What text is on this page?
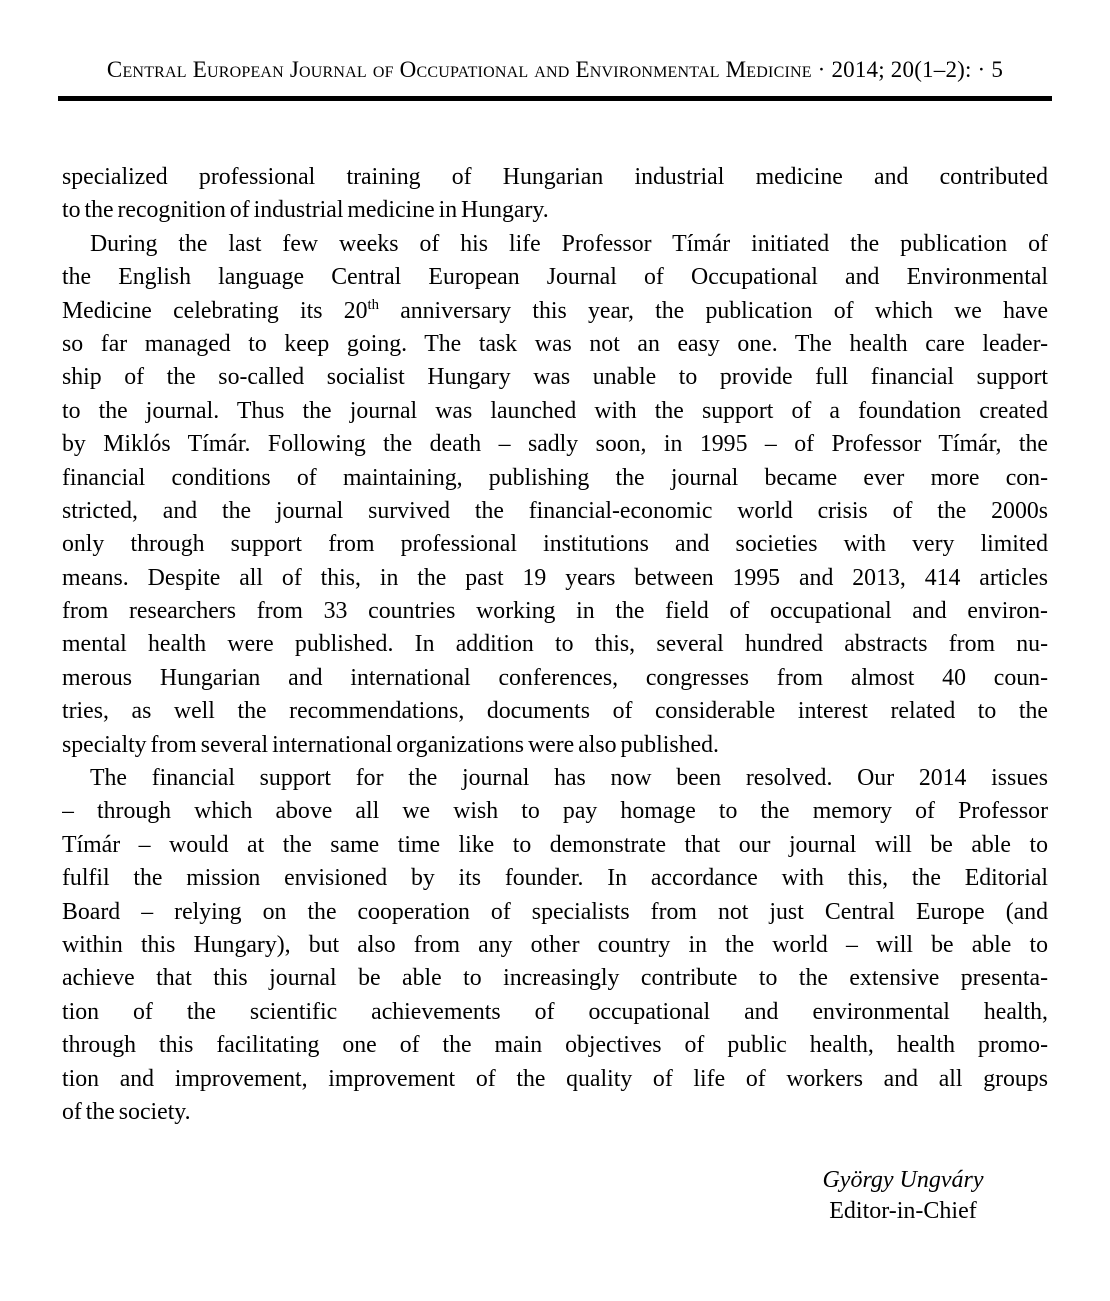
Central European Journal of Occupational and Environmental Medicine · 2014; 20(1–2): · 5
specialized professional training of Hungarian industrial medicine and contributed
to the recognition of industrial medicine in Hungary.
During the last few weeks of his life Professor Tímár initiated the publication of
the English language Central European Journal of Occupational and Environmental
Medicine celebrating its 20th anniversary this year, the publication of which we have
so far managed to keep going. The task was not an easy one. The health care leader-
ship of the so-called socialist Hungary was unable to provide full financial support
to the journal. Thus the journal was launched with the support of a foundation created
by Miklós Tímár. Following the death – sadly soon, in 1995 – of Professor Tímár, the
financial conditions of maintaining, publishing the journal became ever more con-
stricted, and the journal survived the financial-economic world crisis of the 2000s
only through support from professional institutions and societies with very limited
means. Despite all of this, in the past 19 years between 1995 and 2013, 414 articles
from researchers from 33 countries working in the field of occupational and environ-
mental health were published. In addition to this, several hundred abstracts from nu-
merous Hungarian and international conferences, congresses from almost 40 coun-
tries, as well the recommendations, documents of considerable interest related to the
specialty from several international organizations were also published.
The financial support for the journal has now been resolved. Our 2014 issues
– through which above all we wish to pay homage to the memory of Professor
Tímár – would at the same time like to demonstrate that our journal will be able to
fulfil the mission envisioned by its founder. In accordance with this, the Editorial
Board – relying on the cooperation of specialists from not just Central Europe (and
within this Hungary), but also from any other country in the world – will be able to
achieve that this journal be able to increasingly contribute to the extensive presenta-
tion of the scientific achievements of occupational and environmental health,
through this facilitating one of the main objectives of public health, health promo-
tion and improvement, improvement of the quality of life of workers and all groups
of the society.
György Ungváry
Editor-in-Chief
